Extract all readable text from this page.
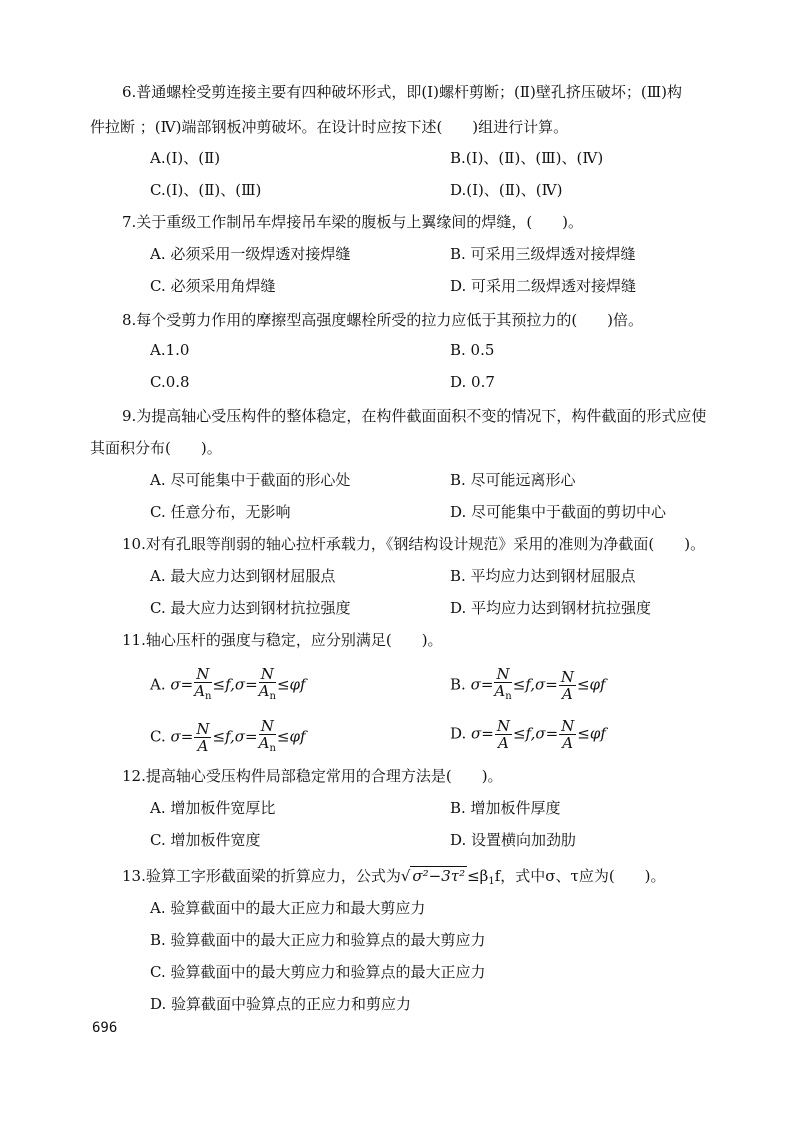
6.普通螺栓受剪连接主要有四种破坏形式，即(Ⅰ)螺杆剪断；(Ⅱ)壁孔挤压破坏；(Ⅲ)构
件拉断 ；(Ⅳ)端部钢板冲剪破坏。在设计时应按下述(　　)组进行计算。
A.(Ⅰ)、(Ⅱ)	B.(Ⅰ)、(Ⅱ)、(Ⅲ)、(Ⅳ)
C.(Ⅰ)、(Ⅱ)、(Ⅲ)	D.(Ⅰ)、(Ⅱ)、(Ⅳ)
7.关于重级工作制吊车焊接吊车梁的腹板与上翼缘间的焊缝，(　　)。
A. 必须采用一级焊透对接焊缝	B. 可采用三级焊透对接焊缝
C. 必须采用角焊缝	D. 可采用二级焊透对接焊缝
8.每个受剪力作用的摩擦型高强度螺栓所受的拉力应低于其预拉力的(　　)倍。
A.1.0	B. 0.5
C.0.8	D. 0.7
9.为提高轴心受压构件的整体稳定，在构件截面面积不变的情况下，构件截面的形式应使
其面积分布(　　)。
A. 尽可能集中于截面的形心处	B. 尽可能远离形心
C. 任意分布，无影响	D. 尽可能集中于截面的剪切中心
10.对有孔眼等削弱的轴心拉杆承载力，《钢结构设计规范》采用的准则为净截面(　　)。
A. 最大应力达到钢材屈服点	B. 平均应力达到钢材屈服点
C. 最大应力达到钢材抗拉强度	D. 平均应力达到钢材抗拉强度
11.轴心压杆的强度与稳定，应分别满足(　　)。
A. $\sigma= \frac{N}{A_n} \le f,\sigma= \frac{N}{A_n} \le\varphi f$	B. $\sigma= \frac{N}{A_n} \le f,\sigma= \frac{N}{A} \le\varphi f$
C. $\sigma= \frac{N}{A} \le f,\sigma= \frac{N}{A_n} \le\varphi f$	D. $\sigma= \frac{N}{A} \le f,\sigma= \frac{N}{A} \le\varphi f$
12.提高轴心受压构件局部稳定常用的合理方法是(　　)。
A. 增加板件宽厚比	B. 增加板件厚度
C. 增加板件宽度	D. 设置横向加劲肋
13.验算工字形截面梁的折算应力，公式为√ $\sigma^2-3\tau^2 \le\beta_1f$，式中σ、τ应为(　　)。
A. 验算截面中的最大正应力和最大剪应力
B. 验算截面中的最大正应力和验算点的最大剪应力
C. 验算截面中的最大剪应力和验算点的最大正应力
D. 验算截面中验算点的正应力和剪应力
696
